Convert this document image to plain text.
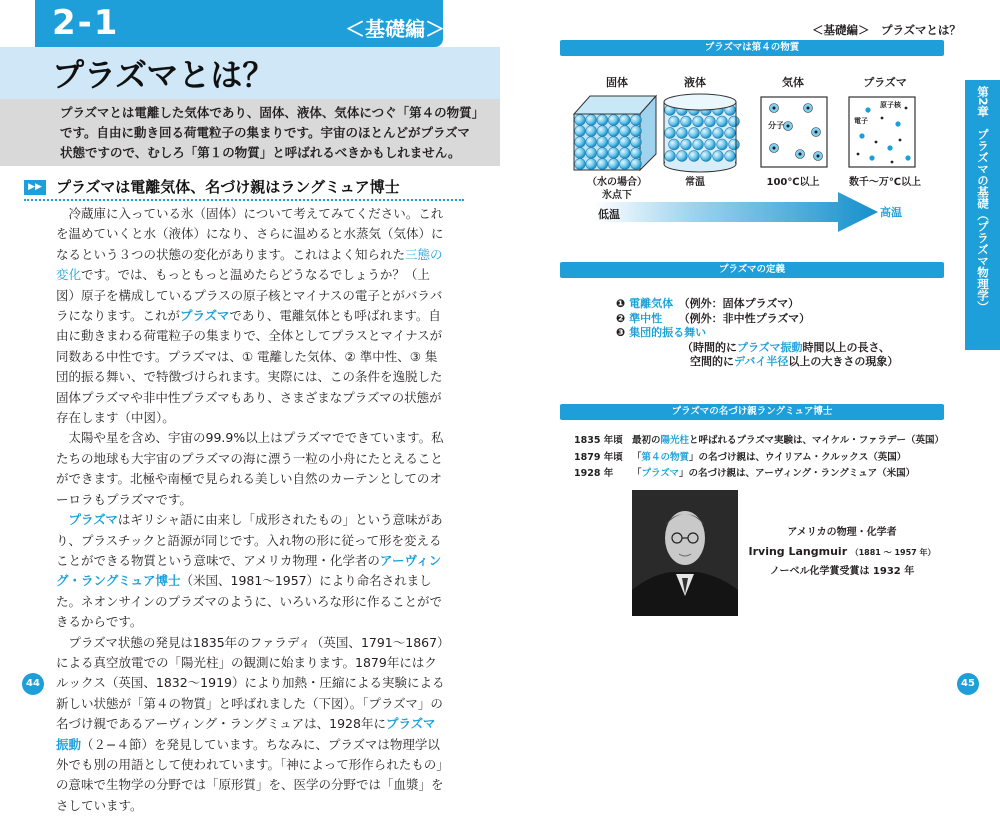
2-1	＜基礎編＞
プラズマとは？
プラズマとは電離した気体であり、固体、液体、気体につぐ「第４の物質」です。自由に動き回る荷電粒子の集まりです。宇宙のほとんどがプラズマ状態ですので、むしろ「第１の物質」と呼ばれるべきかもしれません。
▶▶ プラズマは電離気体、名づけ親はラングミュア博士

冷蔵庫に入っている氷（固体）について考えてみてください。これを温めていくと水（液体）になり、さらに温めると水蒸気（気体）になるという３つの状態の変化があります。これはよく知られた三態の変化です。では、もっともっと温めたらどうなるでしょうか？（上図）原子を構成しているプラスの原子核とマイナスの電子とがバラバラになります。これがプラズマであり、電離気体とも呼ばれます。自由に動きまわる荷電粒子の集まりで、全体としてプラスとマイナスが同数ある中性です。プラズマは、① 電離した気体、② 準中性、③ 集団的振る舞い、で特徴づけられます。実際には、この条件を逸脱した固体プラズマや非中性プラズマもあり、さまざまなプラズマの状態が存在します（中図）。

太陽や星を含め、宇宙の99.9%以上はプラズマでできています。私たちの地球も大宇宙のプラズマの海に漂う一粒の小舟にたとえることができます。北極や南極で見られる美しい自然のカーテンとしてのオーロラもプラズマです。

プラズマはギリシャ語に由来し「成形されたもの」という意味があり、プラスチックと語源が同じです。入れ物の形に従って形を変えることができる物質という意味で、アメリカ物理・化学者のアーヴィング・ラングミュア博士（米国、1981〜1957）により命名されました。ネオンサインのプラズマのように、いろいろな形に作ることができるからです。

プラズマ状態の発見は1835年のファラディ（英国、1791〜1867）による真空放電での「陽光柱」の観測に始まります。1879年にはクルックス（英国、1832〜1919）により加熱・圧縮による実験による新しい状態が「第４の物質」と呼ばれました（下図）。「プラズマ」の名づけ親であるアーヴィング・ラングミュアは、1928年にプラズマ振動（２−４節）を発見しています。ちなみに、プラズマは物理学以外でも別の用語として使われています。「神によって形作られたもの」の意味で生物学の分野では「原形質」を、医学の分野では「血漿」をさしています。

44
＜基礎編＞　プラズマとは？
第2章　プラズマの基礎（プラズマ物理学）
プラズマは第４の物質
固体	液体	気体	プラズマ
分子
原子核
電子
（水の場合）
氷点下
常温	100℃以上	数千〜万℃以上
低温	高温
プラズマの定義
❶ 電離気体　 （例外：固体プラズマ）
❷ 準中性　　 （例外：非中性プラズマ）
❸ 集団的振る舞い
（時間的にプラズマ振動時間以上の長さ、
空間的にデバイ半径以上の大きさの現象）
プラズマの名づけ親ラングミュア博士
1835 年頃	最初の陽光柱と呼ばれるプラズマ実験は、マイケル・ファラデー（英国）
1879 年頃	「第４の物質」の名づけ親は、ウイリアム・クルックス（英国）
1928 年	「プラズマ」の名づけ親は、アーヴィング・ラングミュア（米国）
アメリカの物理・化学者
Irving Langmuir （1881 〜 1957 年）
ノーベル化学賞受賞は 1932 年
45
